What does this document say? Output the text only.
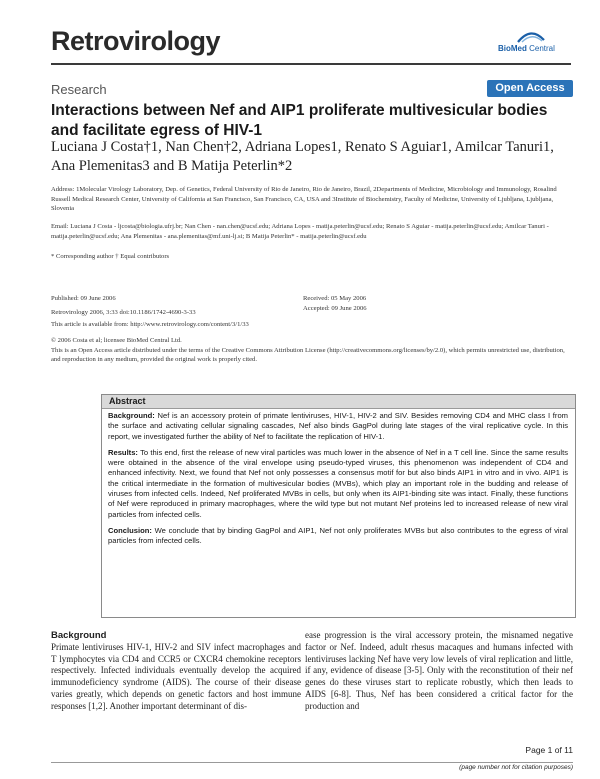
Retrovirology	BioMed Central
Research	Open Access
Interactions between Nef and AIP1 proliferate multivesicular bodies and facilitate egress of HIV-1
Luciana J Costa†1, Nan Chen†2, Adriana Lopes1, Renato S Aguiar1, Amilcar Tanuri1, Ana Plemenitas3 and B Matija Peterlin*2
Address: 1Molecular Virology Laboratory, Dep. of Genetics, Federal University of Rio de Janeiro, Rio de Janeiro, Brazil, 2Departments of Medicine, Microbiology and Immunology, Rosalind Russell Medical Research Center, University of California at San Francisco, San Francisco, CA, USA and 3Institute of Biochemistry, Faculty of Medicine, University of Ljubljana, Ljubljana, Slovenia
Email: Luciana J Costa - ljcosta@biologia.ufrj.br; Nan Chen - nan.chen@ucsf.edu; Adriana Lopes - matija.peterlin@ucsf.edu; Renato S Aguiar - matija.peterlin@ucsf.edu; Amilcar Tanuri - matija.peterlin@ucsf.edu; Ana Plemenitas - ana.plemenitas@mf.uni-lj.si; B Matija Peterlin* - matija.peterlin@ucsf.edu
* Corresponding author † Equal contributors
Published: 09 June 2006
Retrovirology 2006, 3:33 doi:10.1186/1742-4690-3-33
Received: 05 May 2006
Accepted: 09 June 2006
This article is available from: http://www.retrovirology.com/content/3/1/33
© 2006 Costa et al; licensee BioMed Central Ltd.
This is an Open Access article distributed under the terms of the Creative Commons Attribution License (http://creativecommons.org/licenses/by/2.0), which permits unrestricted use, distribution, and reproduction in any medium, provided the original work is properly cited.
Abstract

Background: Nef is an accessory protein of primate lentiviruses, HIV-1, HIV-2 and SIV. Besides removing CD4 and MHC class I from the surface and activating cellular signaling cascades, Nef also binds GagPol during late stages of the viral replicative cycle. In this report, we investigated further the ability of Nef to facilitate the replication of HIV-1.

Results: To this end, first the release of new viral particles was much lower in the absence of Nef in a T cell line. Since the same results were obtained in the absence of the viral envelope using pseudo-typed viruses, this phenomenon was independent of CD4 and enhanced infectivity. Next, we found that Nef not only possesses a consensus motif for but also binds AIP1 in vitro and in vivo. AIP1 is the critical intermediate in the formation of multivesicular bodies (MVBs), which play an important role in the budding and release of viruses from infected cells. Indeed, Nef proliferated MVBs in cells, but only when its AIP1-binding site was intact. Finally, these functions of Nef were reproduced in primary macrophages, where the wild type but not mutant Nef proteins led to increased release of new viral particles from infected cells.

Conclusion: We conclude that by binding GagPol and AIP1, Nef not only proliferates MVBs but also contributes to the egress of viral particles from infected cells.

Background
Primate lentiviruses HIV-1, HIV-2 and SIV infect macrophages and T lymphocytes via CD4 and CCR5 or CXCR4 chemokine receptors respectively. Infected individuals eventually develop the acquired immunodeficiency syndrome (AIDS). The course of their disease varies greatly, which depends on genetic factors and host immune responses [1,2]. Another important determinant of dis-
ease progression is the viral accessory protein, the misnamed negative factor or Nef. Indeed, adult rhesus macaques and humans infected with lentiviruses lacking Nef have very low levels of viral replication and little, if any, evidence of disease [3-5]. Only with the reconstitution of their nef genes do these viruses start to replicate robustly, which then leads to AIDS [6-8]. Thus, Nef has been considered a critical factor for the production and
Page 1 of 11
(page number not for citation purposes)
